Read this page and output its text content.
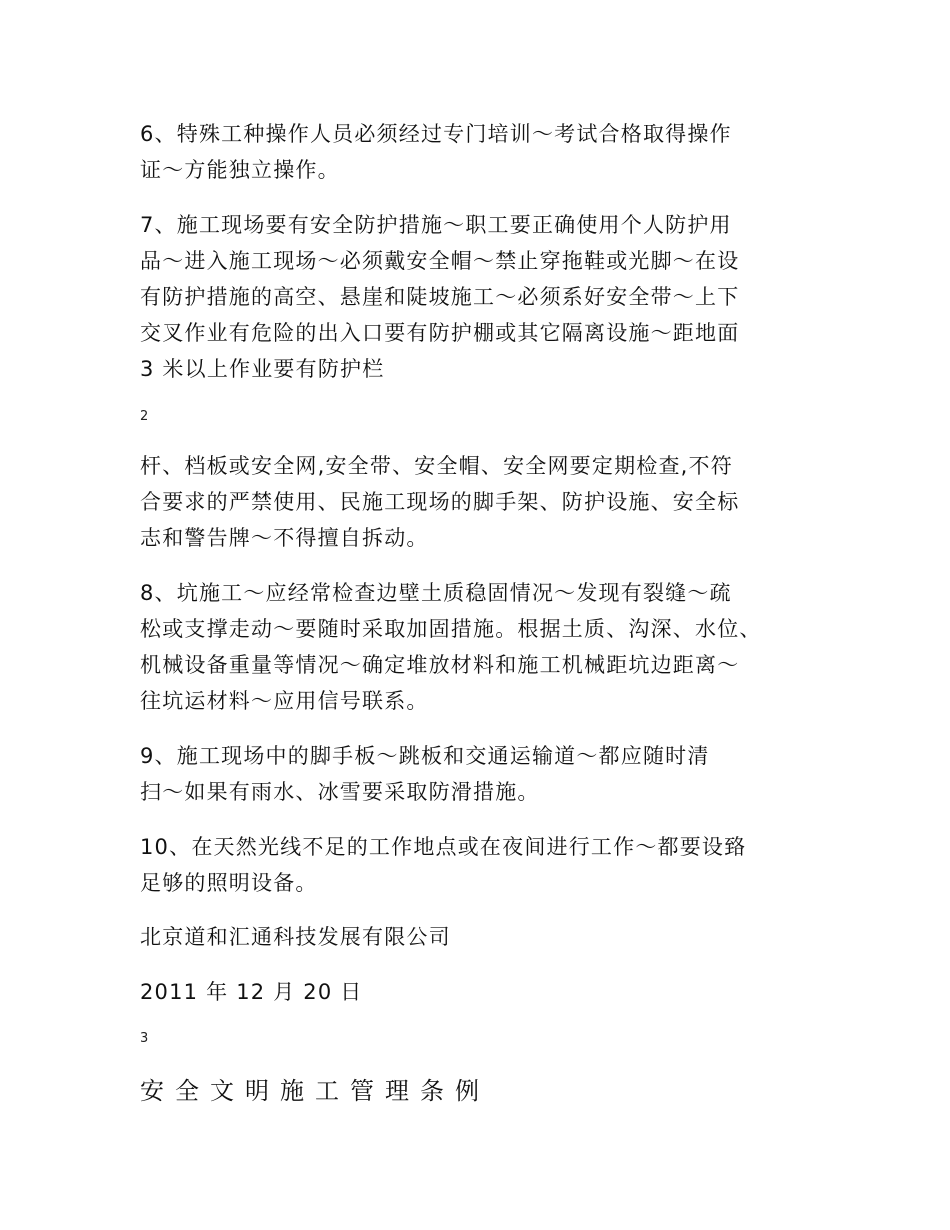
6、特殊工种操作人员必须经过专门培训～考试合格取得操作
证～方能独立操作。
7、施工现场要有安全防护措施～职工要正确使用个人防护用
品～进入施工现场～必须戴安全帽～禁止穿拖鞋或光脚～在设
有防护措施的高空、悬崖和陡坡施工～必须系好安全带～上下
交叉作业有危险的出入口要有防护棚或其它隔离设施～距地面
3 米以上作业要有防护栏
2
杆、档板或安全网,安全带、安全帽、安全网要定期检查,不符
合要求的严禁使用、民施工现场的脚手架、防护设施、安全标
志和警告牌～不得擅自拆动。
8、坑施工～应经常检查边壁土质稳固情况～发现有裂缝～疏
松或支撑走动～要随时采取加固措施。根据土质、沟深、水位、
机械设备重量等情况～确定堆放材料和施工机械距坑边距离～
往坑运材料～应用信号联系。
9、施工现场中的脚手板～跳板和交通运输道～都应随时清
扫～如果有雨水、冰雪要采取防滑措施。
10、在天然光线不足的工作地点或在夜间进行工作～都要设臵
足够的照明设备。
北京道和汇通科技发展有限公司
2011 年 12 月 20 日
3
安全文明施工管理条例
